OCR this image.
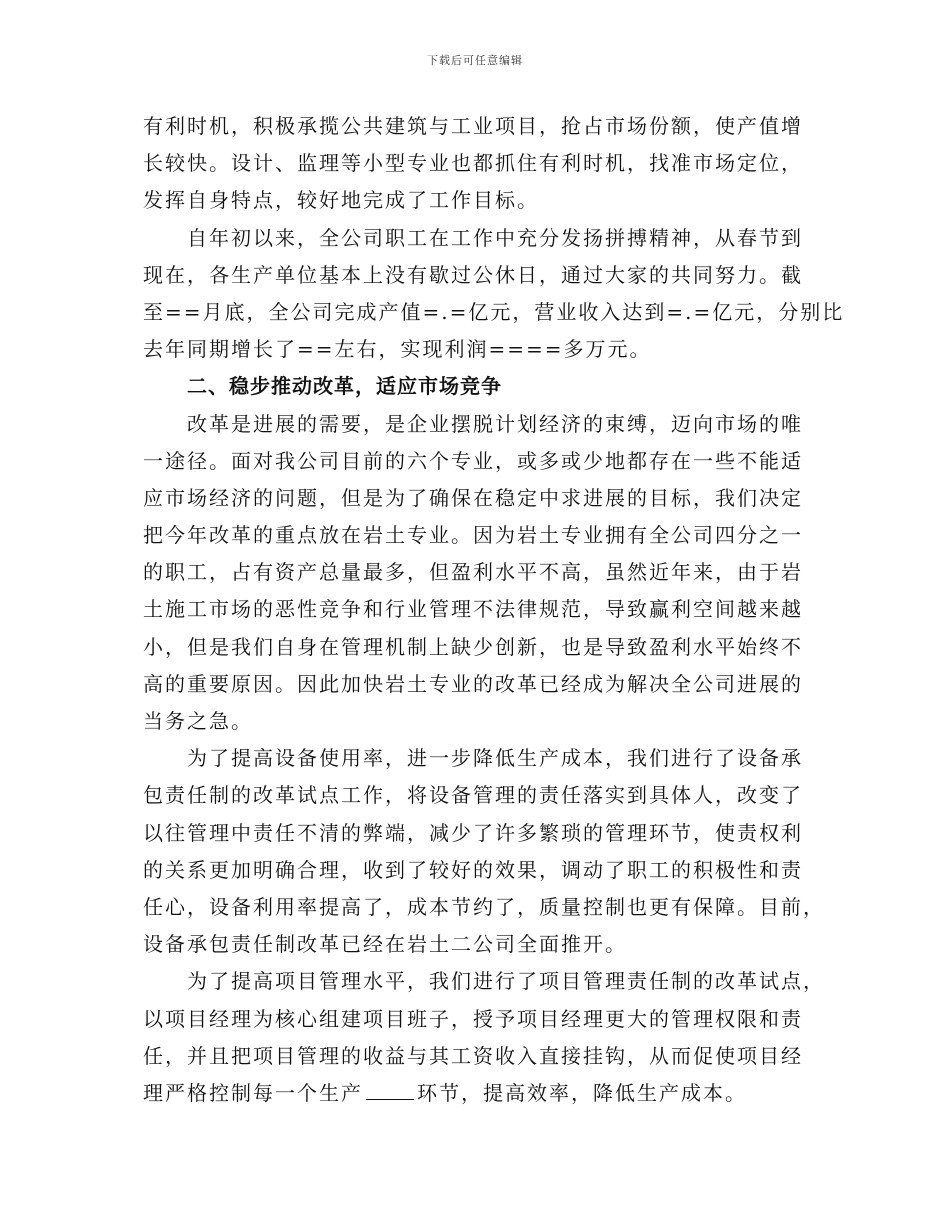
下载后可任意编辑
有利时机，积极承揽公共建筑与工业项目，抢占市场份额，使产值增
长较快。设计、监理等小型专业也都抓住有利时机，找准市场定位，
发挥自身特点，较好地完成了工作目标。
自年初以来，全公司职工在工作中充分发扬拼搏精神，从春节到
现在，各生产单位基本上没有歇过公休日，通过大家的共同努力。截
至==月底，全公司完成产值=.=亿元，营业收入达到=.=亿元，分别比
去年同期增长了==左右，实现利润====多万元。
二、稳步推动改革，适应市场竞争
改革是进展的需要，是企业摆脱计划经济的束缚，迈向市场的唯
一途径。面对我公司目前的六个专业，或多或少地都存在一些不能适
应市场经济的问题，但是为了确保在稳定中求进展的目标，我们决定
把今年改革的重点放在岩土专业。因为岩土专业拥有全公司四分之一
的职工，占有资产总量最多，但盈利水平不高，虽然近年来，由于岩
土施工市场的恶性竞争和行业管理不法律规范，导致赢利空间越来越
小，但是我们自身在管理机制上缺少创新，也是导致盈利水平始终不
高的重要原因。因此加快岩土专业的改革已经成为解决全公司进展的
当务之急。
为了提高设备使用率，进一步降低生产成本，我们进行了设备承
包责任制的改革试点工作，将设备管理的责任落实到具体人，改变了
以往管理中责任不清的弊端，减少了许多繁琐的管理环节，使责权利
的关系更加明确合理，收到了较好的效果，调动了职工的积极性和责
任心，设备利用率提高了，成本节约了，质量控制也更有保障。目前，
设备承包责任制改革已经在岩土二公司全面推开。
为了提高项目管理水平，我们进行了项目管理责任制的改革试点，
以项目经理为核心组建项目班子，授予项目经理更大的管理权限和责
任，并且把项目管理的收益与其工资收入直接挂钩，从而促使项目经
理严格控制每一个生产	环节，提高效率，降低生产成本。
